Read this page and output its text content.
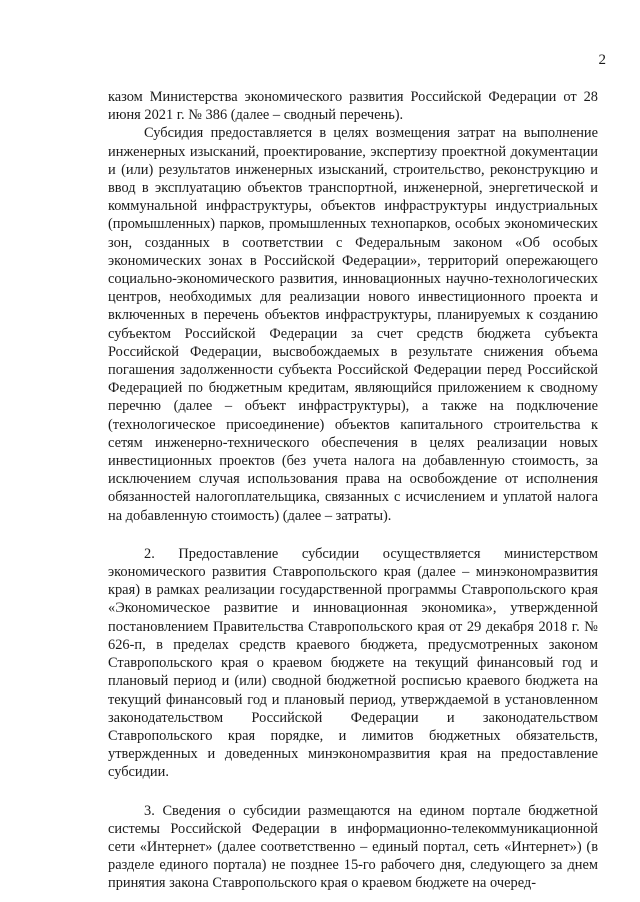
2

казом Министерства экономического развития Российской Федерации от 28 июня 2021 г. № 386 (далее – сводный перечень).

Субсидия предоставляется в целях возмещения затрат на выполнение инженерных изысканий, проектирование, экспертизу проектной документации и (или) результатов инженерных изысканий, строительство, реконструкцию и ввод в эксплуатацию объектов транспортной, инженерной, энергетической и коммунальной инфраструктуры, объектов инфраструктуры индустриальных (промышленных) парков, промышленных технопарков, особых экономических зон, созданных в соответствии с Федеральным законом «Об особых экономических зонах в Российской Федерации», территорий опережающего социально-экономического развития, инновационных научно-технологических центров, необходимых для реализации нового инвестиционного проекта и включенных в перечень объектов инфраструктуры, планируемых к созданию субъектом Российской Федерации за счет средств бюджета субъекта Российской Федерации, высвобождаемых в результате снижения объема погашения задолженности субъекта Российской Федерации перед Российской Федерацией по бюджетным кредитам, являющийся приложением к сводному перечню (далее – объект инфраструктуры), а также на подключение (технологическое присоединение) объектов капитального строительства к сетям инженерно-технического обеспечения в целях реализации новых инвестиционных проектов (без учета налога на добавленную стоимость, за исключением случая использования права на освобождение от исполнения обязанностей налогоплательщика, связанных с исчислением и уплатой налога на добавленную стоимость) (далее – затраты).

2. Предоставление субсидии осуществляется министерством экономического развития Ставропольского края (далее – минэкономразвития края) в рамках реализации государственной программы Ставропольского края «Экономическое развитие и инновационная экономика», утвержденной постановлением Правительства Ставропольского края от 29 декабря 2018 г. № 626-п, в пределах средств краевого бюджета, предусмотренных законом Ставропольского края о краевом бюджете на текущий финансовый год и плановый период и (или) сводной бюджетной росписью краевого бюджета на текущий финансовый год и плановый период, утверждаемой в установленном законодательством Российской Федерации и законодательством Ставропольского края порядке, и лимитов бюджетных обязательств, утвержденных и доведенных минэкономразвития края на предоставление субсидии.

3. Сведения о субсидии размещаются на едином портале бюджетной системы Российской Федерации в информационно-телекоммуникационной сети «Интернет» (далее соответственно – единый портал, сеть «Интернет») (в разделе единого портала) не позднее 15-го рабочего дня, следующего за днем принятия закона Ставропольского края о краевом бюджете на очеред-
